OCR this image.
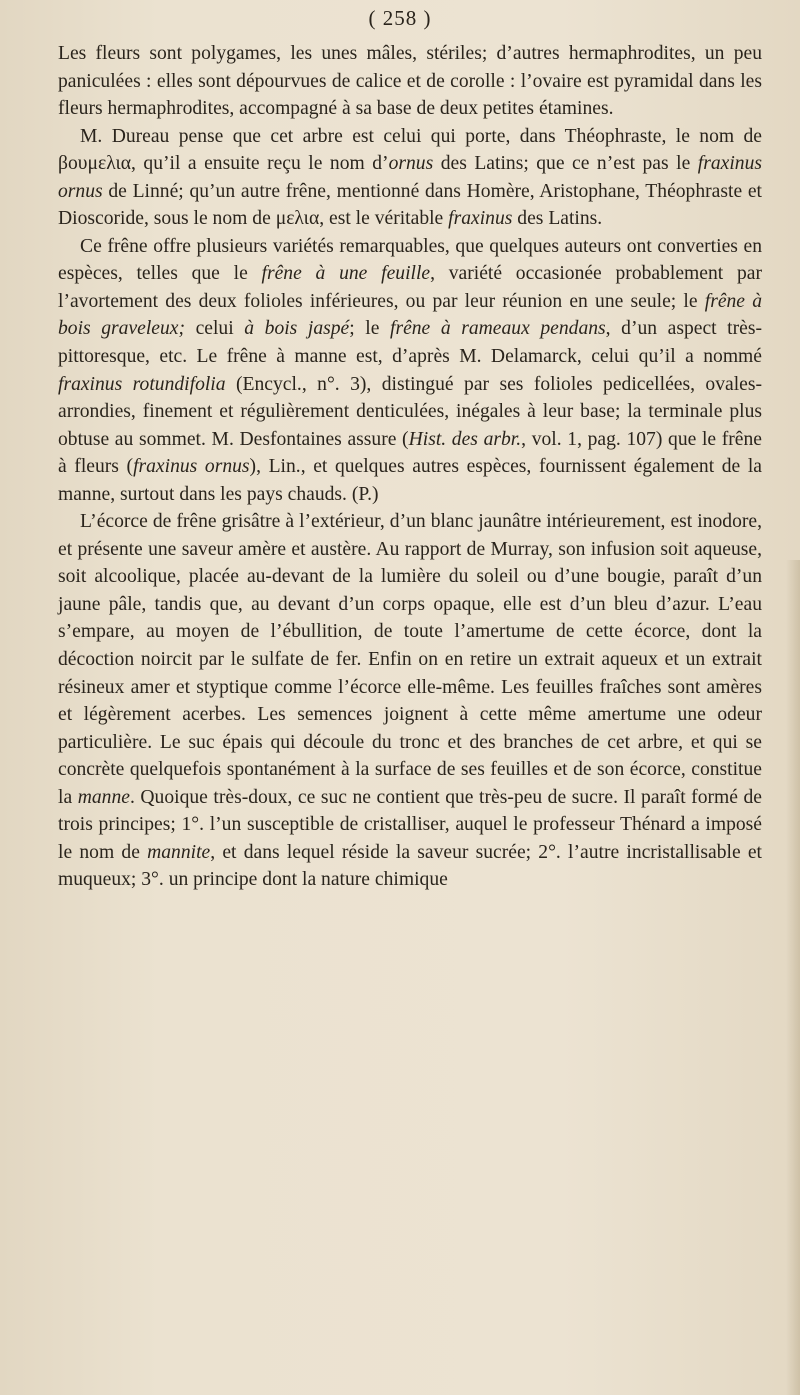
( 258 )

Les fleurs sont polygames, les unes mâles, stériles; d’autres hermaphrodites, un peu paniculées : elles sont dépourvues de calice et de corolle : l’ovaire est pyramidal dans les fleurs hermaphrodites, accompagné à sa base de deux petites étamines.

M. Dureau pense que cet arbre est celui qui porte, dans Théophraste, le nom de βουμελια, qu’il a ensuite reçu le nom d’ornus des Latins; que ce n’est pas le fraxinus ornus de Linné; qu’un autre frêne, mentionné dans Homère, Aristophane, Théophraste et Dioscoride, sous le nom de μελια, est le véritable fraxinus des Latins.

Ce frêne offre plusieurs variétés remarquables, que quelques auteurs ont converties en espèces, telles que le frêne à une feuille, variété occasionée probablement par l’avortement des deux folioles inférieures, ou par leur réunion en une seule; le frêne à bois graveleux; celui à bois jaspé; le frêne à rameaux pendans, d’un aspect très-pittoresque, etc. Le frêne à manne est, d’après M. Delamarck, celui qu’il a nommé fraxinus rotundifolia (Encycl., n°. 3), distingué par ses folioles pedicellées, ovales-arrondies, finement et régulièrement denticulées, inégales à leur base; la terminale plus obtuse au sommet. M. Desfontaines assure (Hist. des arbr., vol. 1, pag. 107) que le frêne à fleurs (fraxinus ornus), Lin., et quelques autres espèces, fournissent également de la manne, surtout dans les pays chauds. (P.)

L’écorce de frêne grisâtre à l’extérieur, d’un blanc jaunâtre intérieurement, est inodore, et présente une saveur amère et austère. Au rapport de Murray, son infusion soit aqueuse, soit alcoolique, placée au-devant de la lumière du soleil ou d’une bougie, paraît d’un jaune pâle, tandis que, au devant d’un corps opaque, elle est d’un bleu d’azur. L’eau s’empare, au moyen de l’ébullition, de toute l’amertume de cette écorce, dont la décoction noircit par le sulfate de fer. Enfin on en retire un extrait aqueux et un extrait résineux amer et styptique comme l’écorce elle-même. Les feuilles fraîches sont amères et légèrement acerbes. Les semences joignent à cette même amertume une odeur particulière. Le suc épais qui découle du tronc et des branches de cet arbre, et qui se concrète quelquefois spontanément à la surface de ses feuilles et de son écorce, constitue la manne. Quoique très-doux, ce suc ne contient que très-peu de sucre. Il paraît formé de trois principes; 1°. l’un susceptible de cristalliser, auquel le professeur Thénard a imposé le nom de mannite, et dans lequel réside la saveur sucrée; 2°. l’autre incristallisable et muqueux; 3°. un principe dont la nature chimique
